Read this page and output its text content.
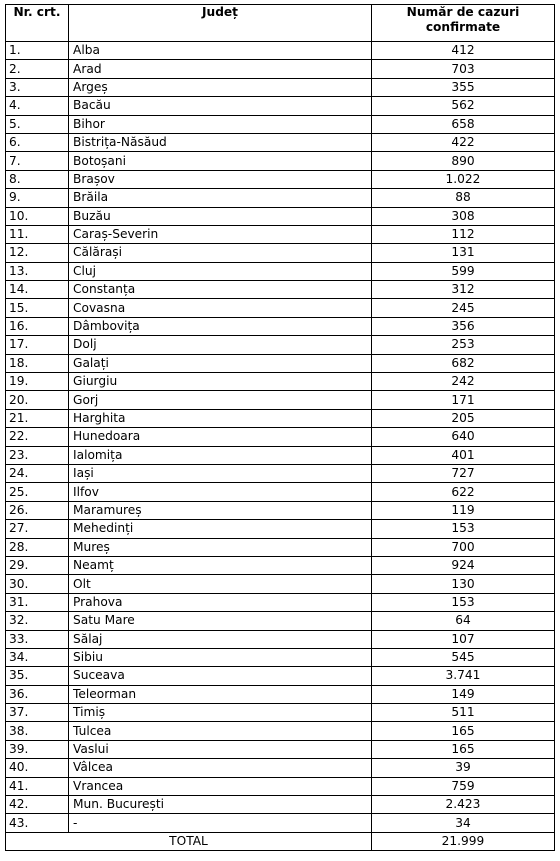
Nr. crt.	Județ	Număr de cazuri confirmate
1.	Alba	412
2.	Arad	703
3.	Argeș	355
4.	Bacău	562
5.	Bihor	658
6.	Bistrița-Năsăud	422
7.	Botoșani	890
8.	Brașov	1.022
9.	Brăila	88
10.	Buzău	308
11.	Caraș-Severin	112
12.	Călărași	131
13.	Cluj	599
14.	Constanța	312
15.	Covasna	245
16.	Dâmbovița	356
17.	Dolj	253
18.	Galați	682
19.	Giurgiu	242
20.	Gorj	171
21.	Harghita	205
22.	Hunedoara	640
23.	Ialomița	401
24.	Iași	727
25.	Ilfov	622
26.	Maramureș	119
27.	Mehedinți	153
28.	Mureș	700
29.	Neamț	924
30.	Olt	130
31.	Prahova	153
32.	Satu Mare	64
33.	Sălaj	107
34.	Sibiu	545
35.	Suceava	3.741
36.	Teleorman	149
37.	Timiș	511
38.	Tulcea	165
39.	Vaslui	165
40.	Vâlcea	39
41.	Vrancea	759
42.	Mun. București	2.423
43.	-	34
TOTAL		21.999
